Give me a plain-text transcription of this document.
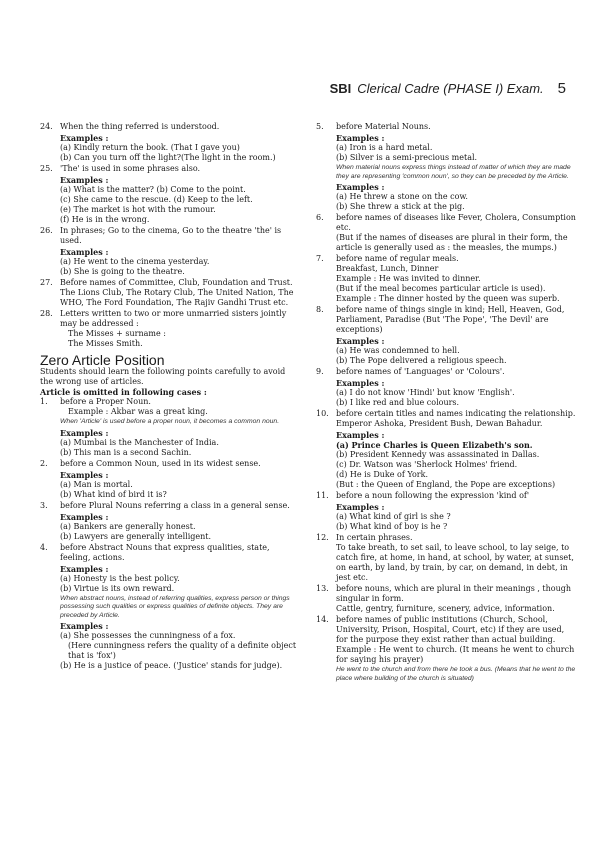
SBI Clerical Cadre (PHASE I) Exam. 5
24. When the thing referred is understood.

Examples :

(a) Kindly return the book. (That I gave you)

(b) Can you turn off the light?(The light in the room.)

25. 'The' is used in some phrases also.

Examples :

(a) What is the matter? (b) Come to the point.

(c) She came to the rescue. (d) Keep to the left.

(e) The market is hot with the rumour.

(f) He is in the wrong.

26. In phrases; Go to the cinema, Go to the theatre 'the' is used.

Examples :

(a) He went to the cinema yesterday.

(b) She is going to the theatre.

27. Before names of Committee, Club, Foundation and Trust.

The Lions Club, The Rotary Club, The United Nation, The WHO, The Ford Foundation, The Rajiv Gandhi Trust etc.

28. Letters written to two or more unmarried sisters jointly may be addressed :

The Misses + surname :

The Misses Smith.

Zero Article Position

Students should learn the following points carefully to avoid the wrong use of articles.

Article is omitted in following cases :

1.	before a Proper Noun.

Example : Akbar was a great king.

When 'Article' is used before a proper noun, it becomes a common noun.

Examples :

(a) Mumbai is the Manchester of India.

(b) This man is a second Sachin.

2.	before a Common Noun, used in its widest sense.

Examples :

(a) Man is mortal.

(b) What kind of bird it is?

3.	before Plural Nouns referring a class in a general sense.

Examples :

(a) Bankers are generally honest.

(b) Lawyers are generally intelligent.

4.	before Abstract Nouns that express qualities, state, feeling, actions.

Examples :

(a) Honesty is the best policy.

(b) Virtue is its own reward.

When abstract nouns, instead of referring qualities, express person or things possessing such qualities or express qualities of definite objects. They are preceded by Article.

Examples :

(a) She possesses the cunningness of a fox.

(Here cunningness refers the quality of a definite object that is 'fox')

(b) He is a justice of peace. ('Justice' stands for judge).

5.	before Material Nouns.

Examples :

(a) Iron is a hard metal.

(b) Silver is a semi-precious metal.

When material nouns express things instead of matter of which they are made they are representing 'common noun', so they can be preceded by the Article.

Examples :

(a) He threw a stone on the cow.

(b) She threw a stick at the pig.

6.	before names of diseases like Fever, Cholera, Consumption etc.

(But if the names of diseases are plural in their form, the article is generally used as : the measles, the mumps.)

7.	before name of regular meals.

Breakfast, Lunch, Dinner

Example : He was invited to dinner.

(But if the meal becomes particular article is used).

Example : The dinner hosted by the queen was superb.

8.	before name of things single in kind; Hell, Heaven, God, Parliament, Paradise (But 'The Pope', 'The Devil' are exceptions)

Examples :

(a) He was condemned to hell.

(b) The Pope delivered a religious speech.

9.	before names of 'Languages' or 'Colours'.

Examples :

(a) I do not know 'Hindi' but know 'English'.

(b) I like red and blue colours.

10. before certain titles and names indicating the relationship.

Emperor Ashoka, President Bush, Dewan Bahadur.

Examples :

(a) Prince Charles is Queen Elizabeth's son.

(b) President Kennedy was assassinated in Dallas.

(c) Dr. Watson was 'Sherlock Holmes' friend.

(d) He is Duke of York.

(But : the Queen of England, the Pope are exceptions)

11. before a noun following the expression 'kind of'

Examples :

(a) What kind of girl is she ?

(b) What kind of boy is he ?

12. In certain phrases.

To take breath, to set sail, to leave school, to lay seige, to catch fire, at home, in hand, at school, by water, at sunset, on earth, by land, by train, by car, on demand, in debt, in jest etc.

13. before nouns, which are plural in their meanings , though singular in form.

Cattle, gentry, furniture, scenery, advice, information.

14. before names of public institutions (Church, School, University, Prison, Hospital, Court, etc) if they are used, for the purpose they exist rather than actual building.

Example : He went to church. (It means he went to church for saying his prayer)

He went to the church and from there he took a bus. (Means that he went to the place where building of the church is situated)
